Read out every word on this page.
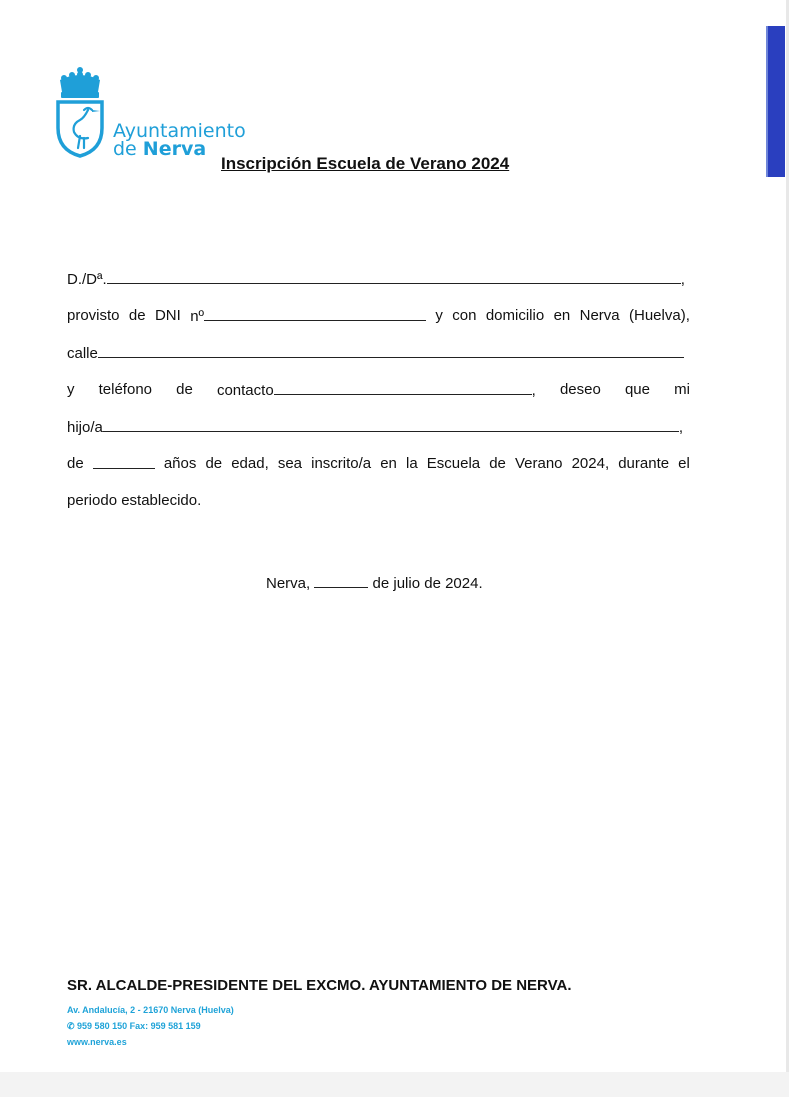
Ayuntamiento
de Nerva
Inscripción Escuela de Verano 2024
D./Dª.	,
provisto de DNI nº	y con domicilio en Nerva (Huelva),
calle
y teléfono de contacto	, deseo que mi
hijo/a	,
de	años de edad, sea inscrito/a en la Escuela de Verano 2024, durante el
periodo establecido.
Nerva,	de julio de 2024.
SR. ALCALDE-PRESIDENTE DEL EXCMO. AYUNTAMIENTO DE NERVA.
Av. Andalucía, 2 - 21670 Nerva (Huelva)
✆ 959 580 150 Fax: 959 581 159
www.nerva.es
